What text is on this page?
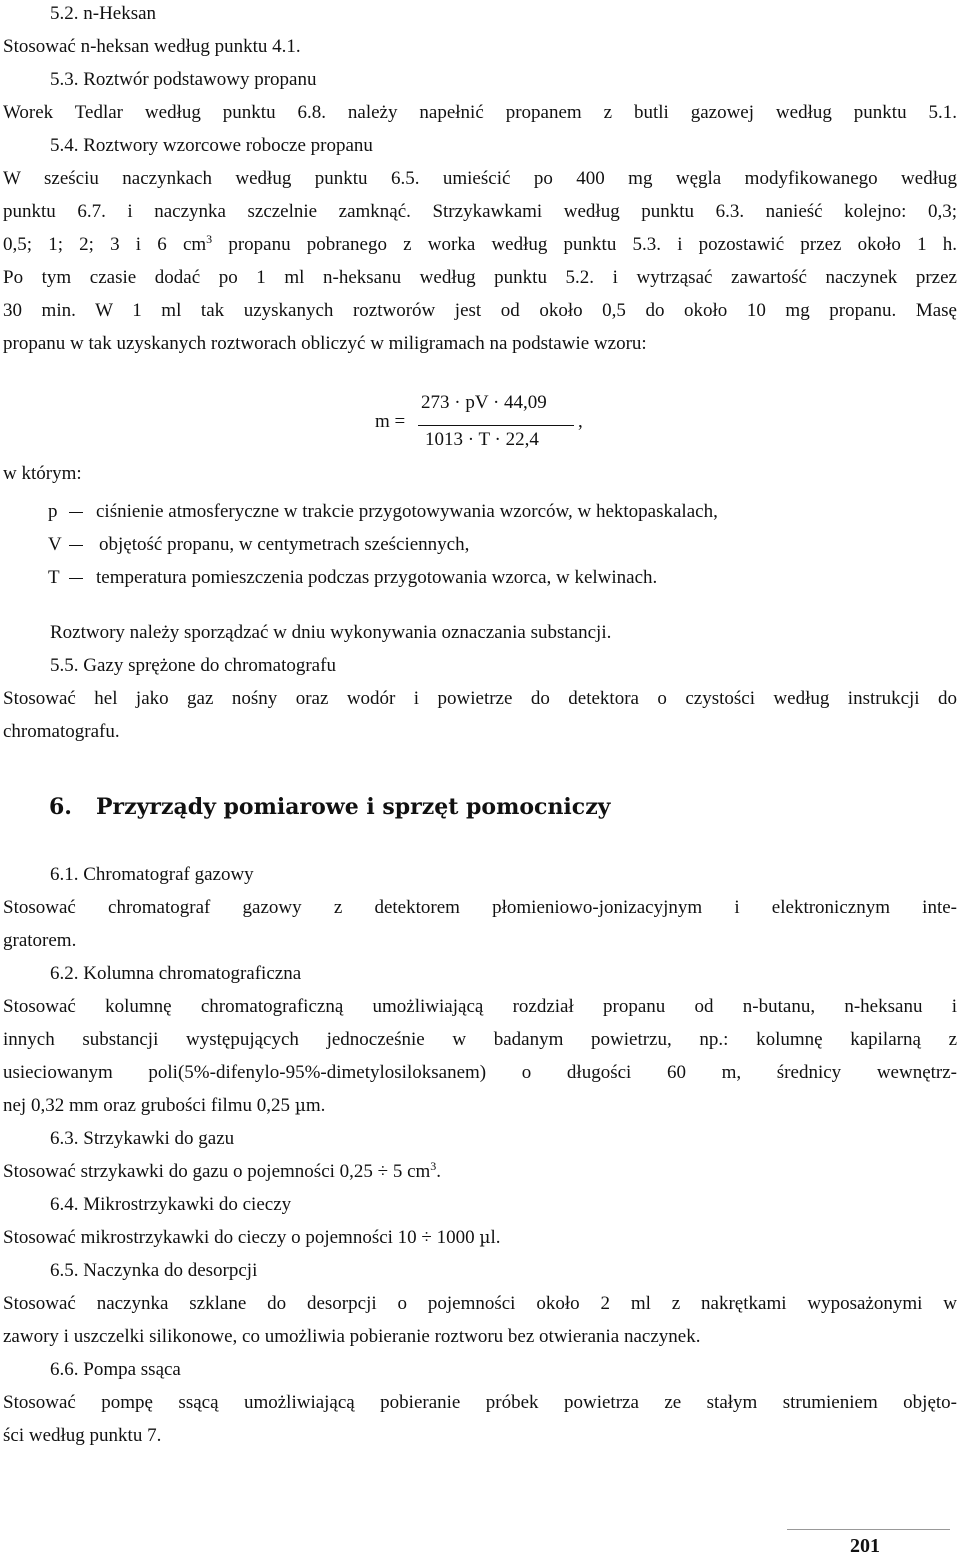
5.2. n-Heksan
Stosować n-heksan według punktu 4.1.
5.3. Roztwór podstawowy propanu
Worek Tedlar według punktu 6.8. należy napełnić propanem z butli gazowej według punktu 5.1.
5.4. Roztwory wzorcowe robocze propanu
W sześciu naczynkach według punktu 6.5. umieścić po 400 mg węgla modyfikowanego według
punktu 6.7. i naczynka szczelnie zamknąć. Strzykawkami według punktu 6.3. nanieść kolejno: 0,3;
0,5; 1; 2; 3 i 6 $cm^3$ propanu pobranego z worka według punktu 5.3. i pozostawić przez około 1 h.
Po tym czasie dodać po 1 ml n-heksanu według punktu 5.2. i wytrząsać zawartość naczynek przez
30 min. W 1 ml tak uzyskanych roztworów jest od około 0,5 do około 10 mg propanu. Masę
propanu w tak uzyskanych roztworach obliczyć w miligramach na podstawie wzoru:
m =
273 · pV · 44,09
1013 · T · 22,4
,
w którym:
p ciśnienie atmosferyczne w trakcie przygotowywania wzorców, w hektopaskalach,
V objętość propanu, w centymetrach sześciennych,
T temperatura pomieszczenia podczas przygotowania wzorca, w kelwinach.
Roztwory należy sporządzać w dniu wykonywania oznaczania substancji.
5.5. Gazy sprężone do chromatografu
Stosować hel jako gaz nośny oraz wodór i powietrze do detektora o czystości według instrukcji do
chromatografu.
6. Przyrządy pomiarowe i sprzęt pomocniczy
6.1. Chromatograf gazowy
Stosować chromatograf gazowy z detektorem płomieniowo-jonizacyjnym i elektronicznym inte-
gratorem.
6.2. Kolumna chromatograficzna
Stosować kolumnę chromatograficzną umożliwiającą rozdział propanu od n-butanu, n-heksanu i
innych substancji występujących jednocześnie w badanym powietrzu, np.: kolumnę kapilarną z
usieciowanym poli(5%-difenylo-95%-dimetylosiloksanem) o długości 60 m, średnicy wewnętrz-
nej 0,32 mm oraz grubości filmu 0,25 µm.
6.3. Strzykawki do gazu
Stosować strzykawki do gazu o pojemności 0,25 ÷ 5 $cm^3$.
6.4. Mikrostrzykawki do cieczy
Stosować mikrostrzykawki do cieczy o pojemności 10 ÷ 1000 µl.
6.5. Naczynka do desorpcji
Stosować naczynka szklane do desorpcji o pojemności około 2 ml z nakrętkami wyposażonymi w
zawory i uszczelki silikonowe, co umożliwia pobieranie roztworu bez otwierania naczynek.
6.6. Pompa ssąca
Stosować pompę ssącą umożliwiającą pobieranie próbek powietrza ze stałym strumieniem objęto-
ści według punktu 7.
201
